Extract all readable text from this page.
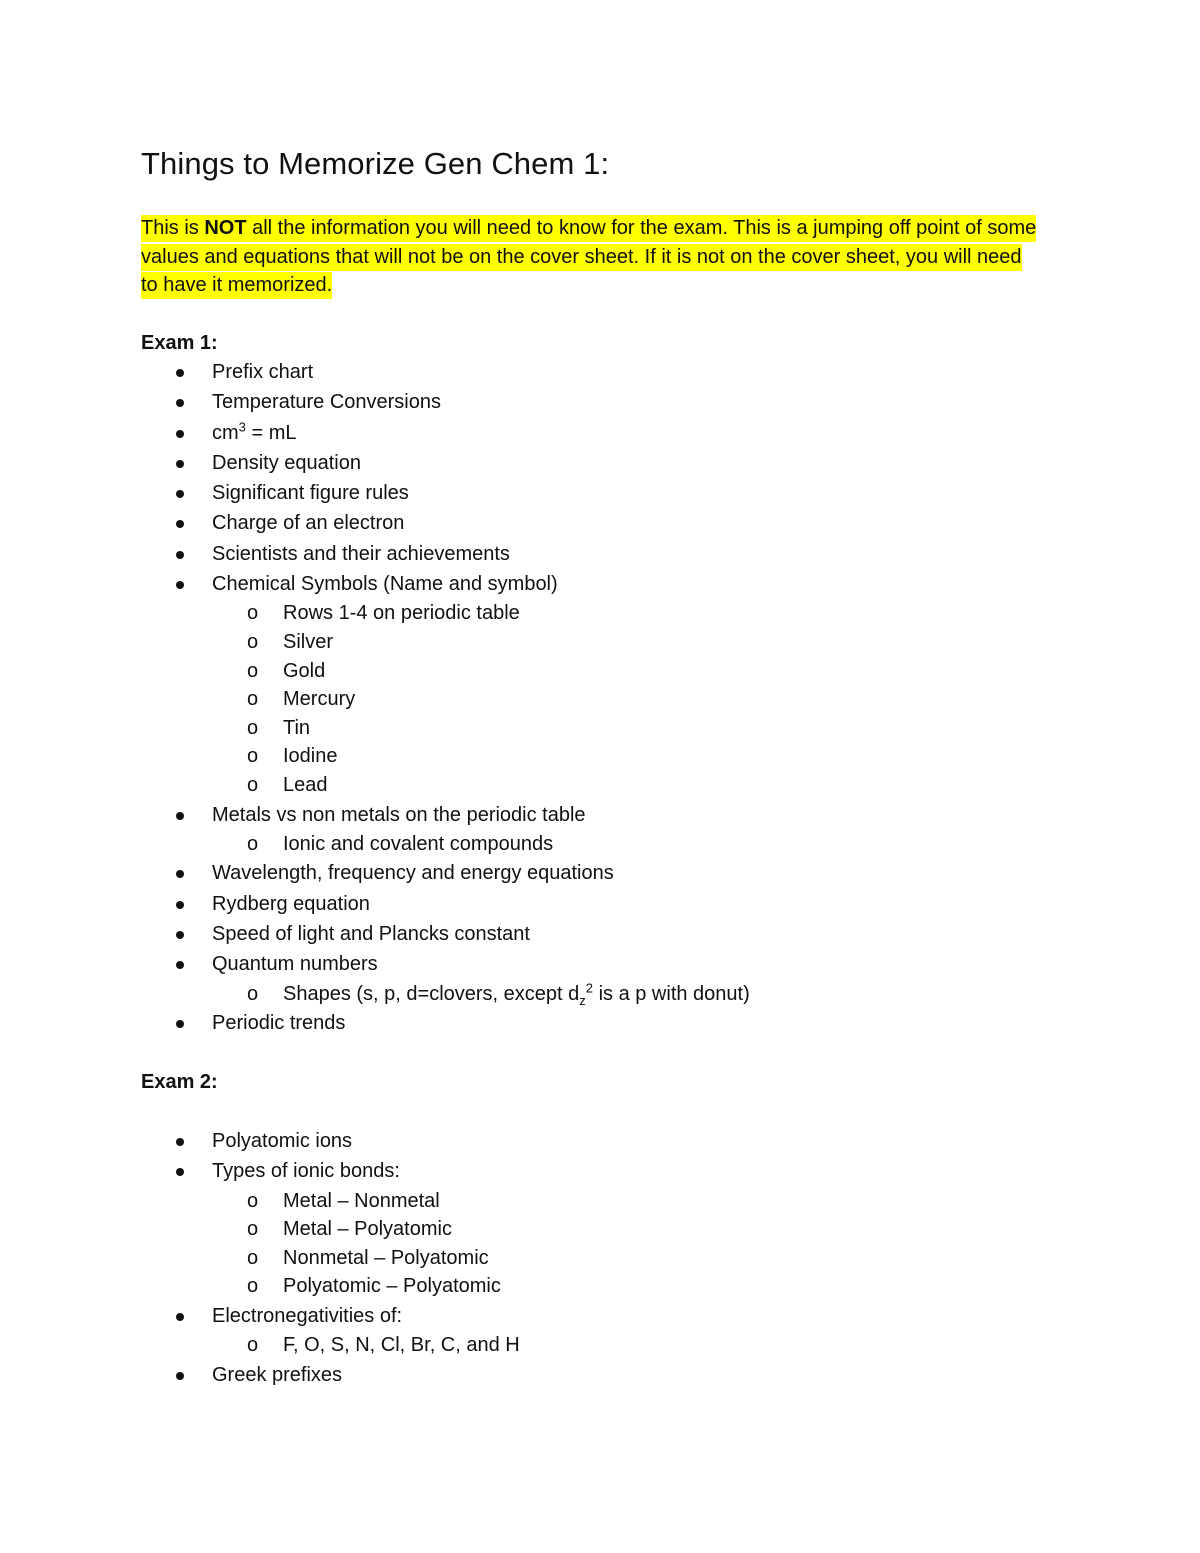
Things to Memorize Gen Chem 1:

This is NOT all the information you will need to know for the exam. This is a jumping off point of some values and equations that will not be on the cover sheet. If it is not on the cover sheet, you will need to have it memorized.

Exam 1:
Prefix chart
Temperature Conversions
$cm^3$ = mL
Density equation
Significant figure rules
Charge of an electron
Scientists and their achievements
Chemical Symbols (Name and symbol)
o Rows 1-4 on periodic table
o Silver
o Gold
o Mercury
o Tin
o Iodine
o Lead
Metals vs non metals on the periodic table
o Ionic and covalent compounds
Wavelength, frequency and energy equations
Rydberg equation
Speed of light and Plancks constant
Quantum numbers
o Shapes (s, p, d=clovers, except $d_z^2$ is a p with donut)
Periodic trends
Exam 2:
Polyatomic ions
Types of ionic bonds:
o Metal – Nonmetal
o Metal – Polyatomic
o Nonmetal – Polyatomic
o Polyatomic – Polyatomic
Electronegativities of:
o F, O, S, N, Cl, Br, C, and H
Greek prefixes
